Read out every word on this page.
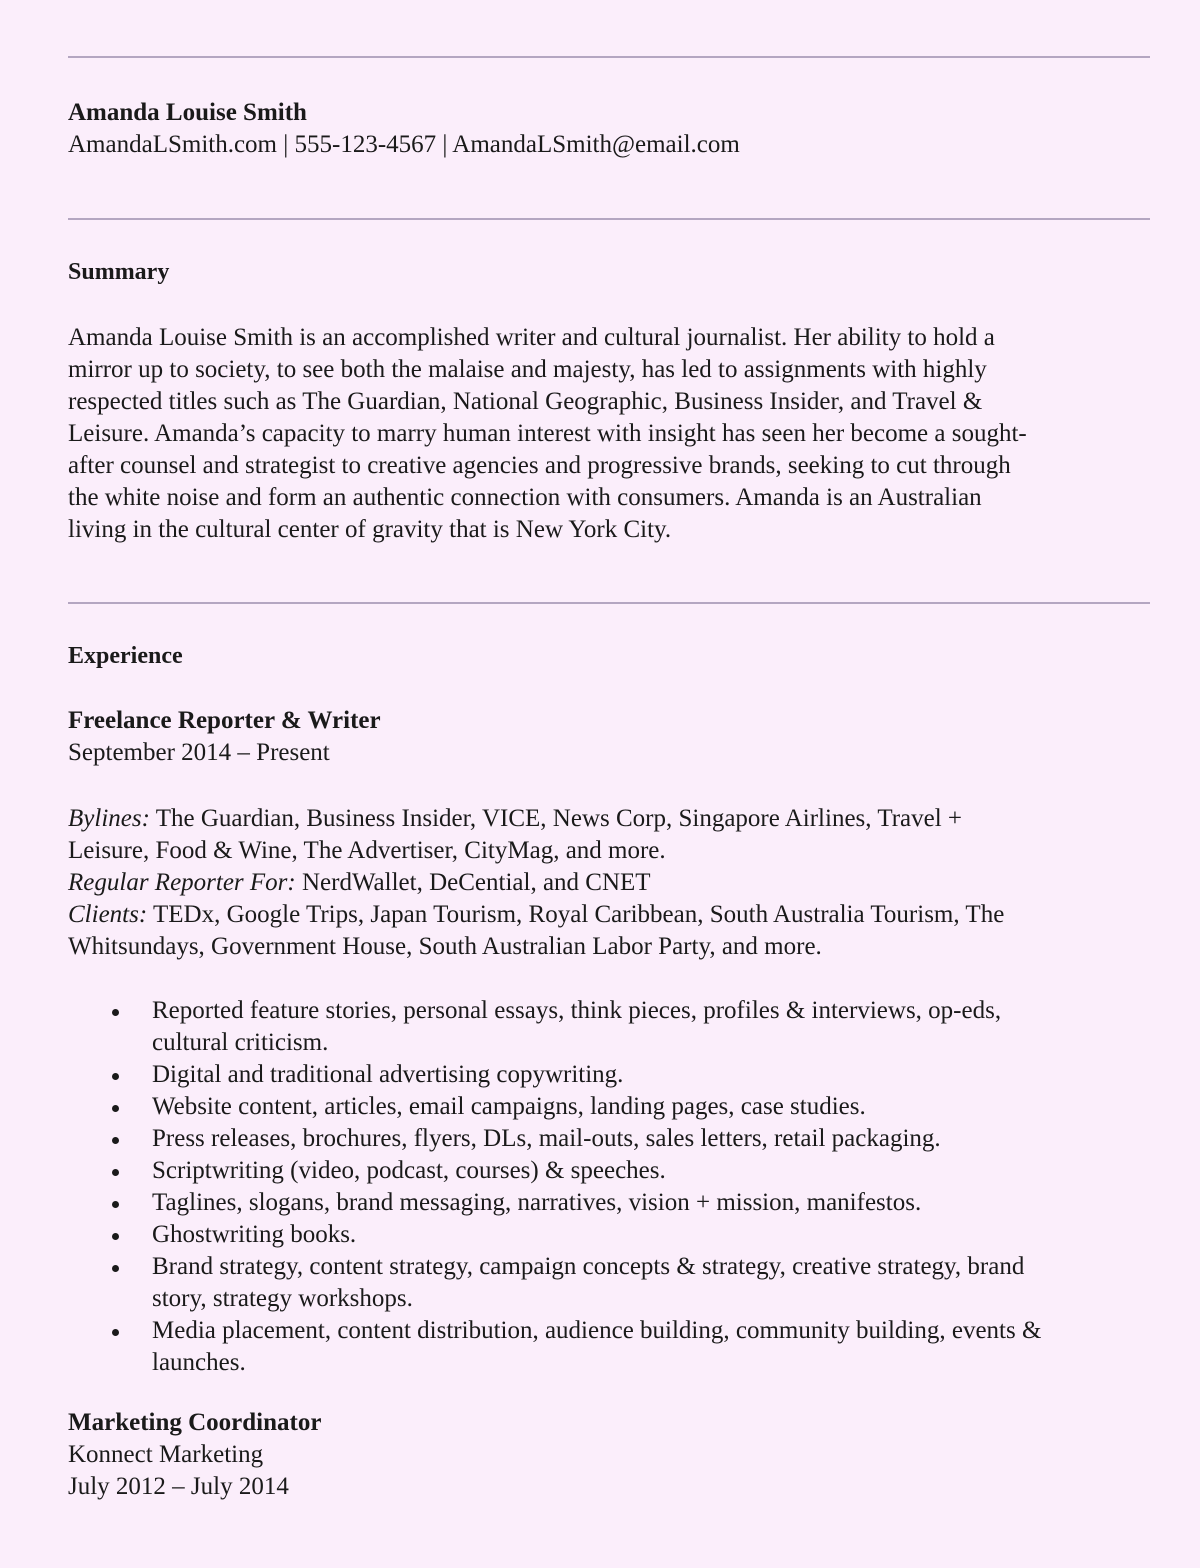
Amanda Louise Smith

AmandaLSmith.com | 555-123-4567 | AmandaLSmith@email.com

Summary

Amanda Louise Smith is an accomplished writer and cultural journalist. Her ability to hold a
mirror up to society, to see both the malaise and majesty, has led to assignments with highly
respected titles such as The Guardian, National Geographic, Business Insider, and Travel &
Leisure. Amanda’s capacity to marry human interest with insight has seen her become a sought-
after counsel and strategist to creative agencies and progressive brands, seeking to cut through
the white noise and form an authentic connection with consumers. Amanda is an Australian
living in the cultural center of gravity that is New York City.

Experience

Freelance Reporter & Writer

September 2014 – Present

Bylines: The Guardian, Business Insider, VICE, News Corp, Singapore Airlines, Travel +
Leisure, Food & Wine, The Advertiser, CityMag, and more.
Regular Reporter For: NerdWallet, DeCential, and CNET
Clients: TEDx, Google Trips, Japan Tourism, Royal Caribbean, South Australia Tourism, The
Whitsundays, Government House, South Australian Labor Party, and more.
Reported feature stories, personal essays, think pieces, profiles & interviews, op-eds,
cultural criticism.
Digital and traditional advertising copywriting.
Website content, articles, email campaigns, landing pages, case studies.
Press releases, brochures, flyers, DLs, mail-outs, sales letters, retail packaging.
Scriptwriting (video, podcast, courses) & speeches.
Taglines, slogans, brand messaging, narratives, vision + mission, manifestos.
Ghostwriting books.
Brand strategy, content strategy, campaign concepts & strategy, creative strategy, brand
story, strategy workshops.
Media placement, content distribution, audience building, community building, events &
launches.

Marketing Coordinator

Konnect Marketing

July 2012 – July 2014
